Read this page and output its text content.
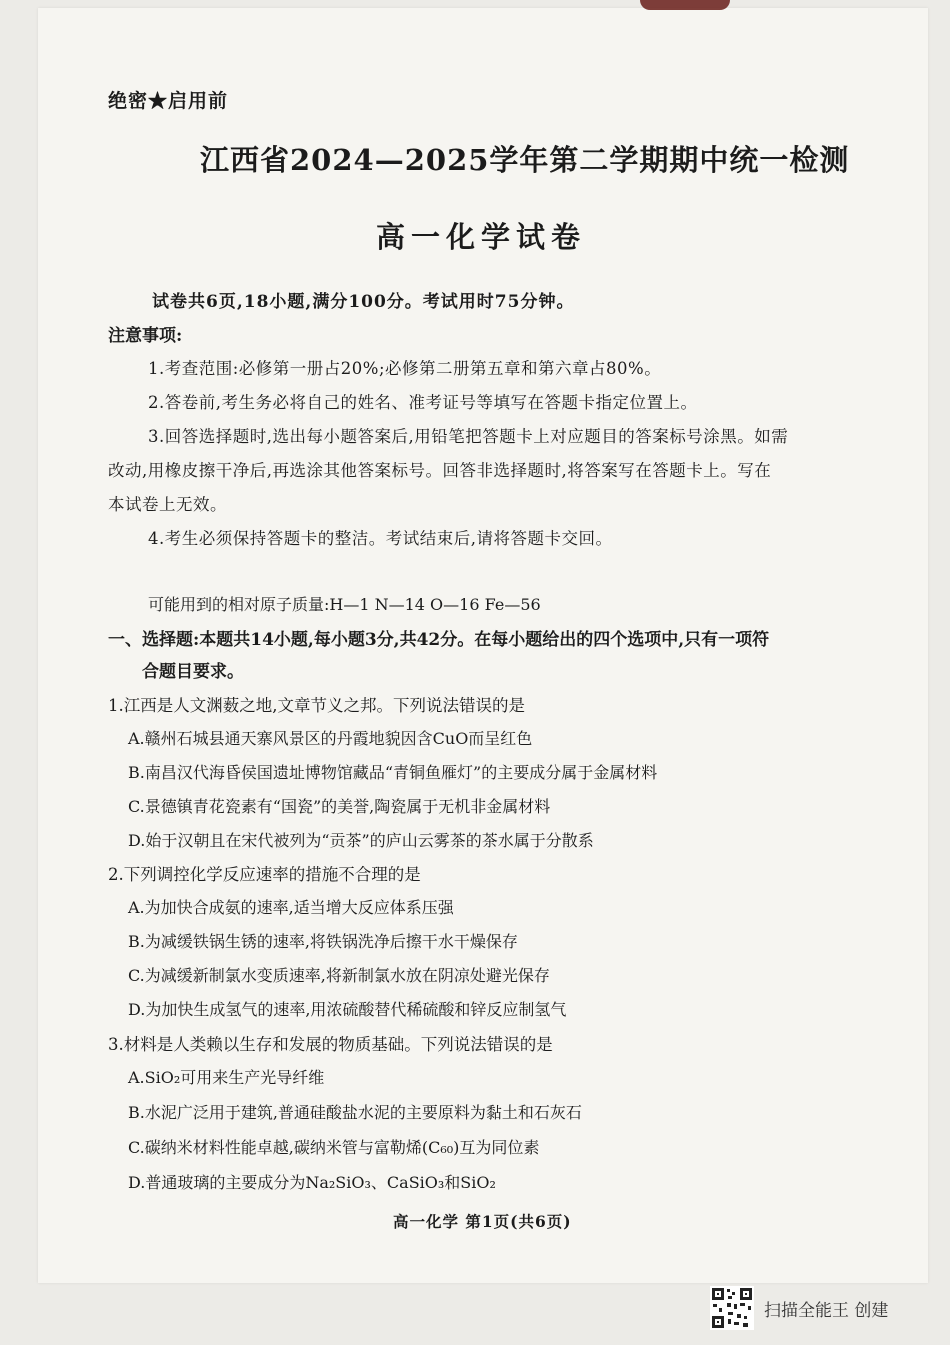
绝密★启用前
江西省2024—2025学年第二学期期中统一检测
高一化学试卷
试卷共6页,18小题,满分100分。考试用时75分钟。
注意事项:
1.考查范围:必修第一册占20%;必修第二册第五章和第六章占80%。
2.答卷前,考生务必将自己的姓名、准考证号等填写在答题卡指定位置上。
3.回答选择题时,选出每小题答案后,用铅笔把答题卡上对应题目的答案标号涂黑。如需
改动,用橡皮擦干净后,再选涂其他答案标号。回答非选择题时,将答案写在答题卡上。写在
本试卷上无效。
4.考生必须保持答题卡的整洁。考试结束后,请将答题卡交回。
可能用到的相对原子质量:H—1 N—14 O—16 Fe—56
一、选择题:本题共14小题,每小题3分,共42分。在每小题给出的四个选项中,只有一项符
合题目要求。
1.江西是人文渊薮之地,文章节义之邦。下列说法错误的是
A.赣州石城县通天寨风景区的丹霞地貌因含CuO而呈红色
B.南昌汉代海昏侯国遗址博物馆藏品“青铜鱼雁灯”的主要成分属于金属材料
C.景德镇青花瓷素有“国瓷”的美誉,陶瓷属于无机非金属材料
D.始于汉朝且在宋代被列为“贡茶”的庐山云雾茶的茶水属于分散系
2.下列调控化学反应速率的措施不合理的是
A.为加快合成氨的速率,适当增大反应体系压强
B.为减缓铁锅生锈的速率,将铁锅洗净后擦干水干燥保存
C.为减缓新制氯水变质速率,将新制氯水放在阴凉处避光保存
D.为加快生成氢气的速率,用浓硫酸替代稀硫酸和锌反应制氢气
3.材料是人类赖以生存和发展的物质基础。下列说法错误的是
A.SiO₂可用来生产光导纤维
B.水泥广泛用于建筑,普通硅酸盐水泥的主要原料为黏土和石灰石
C.碳纳米材料性能卓越,碳纳米管与富勒烯(C₆₀)互为同位素
D.普通玻璃的主要成分为Na₂SiO₃、CaSiO₃和SiO₂
高一化学 第1页(共6页)
扫描全能王 创建
